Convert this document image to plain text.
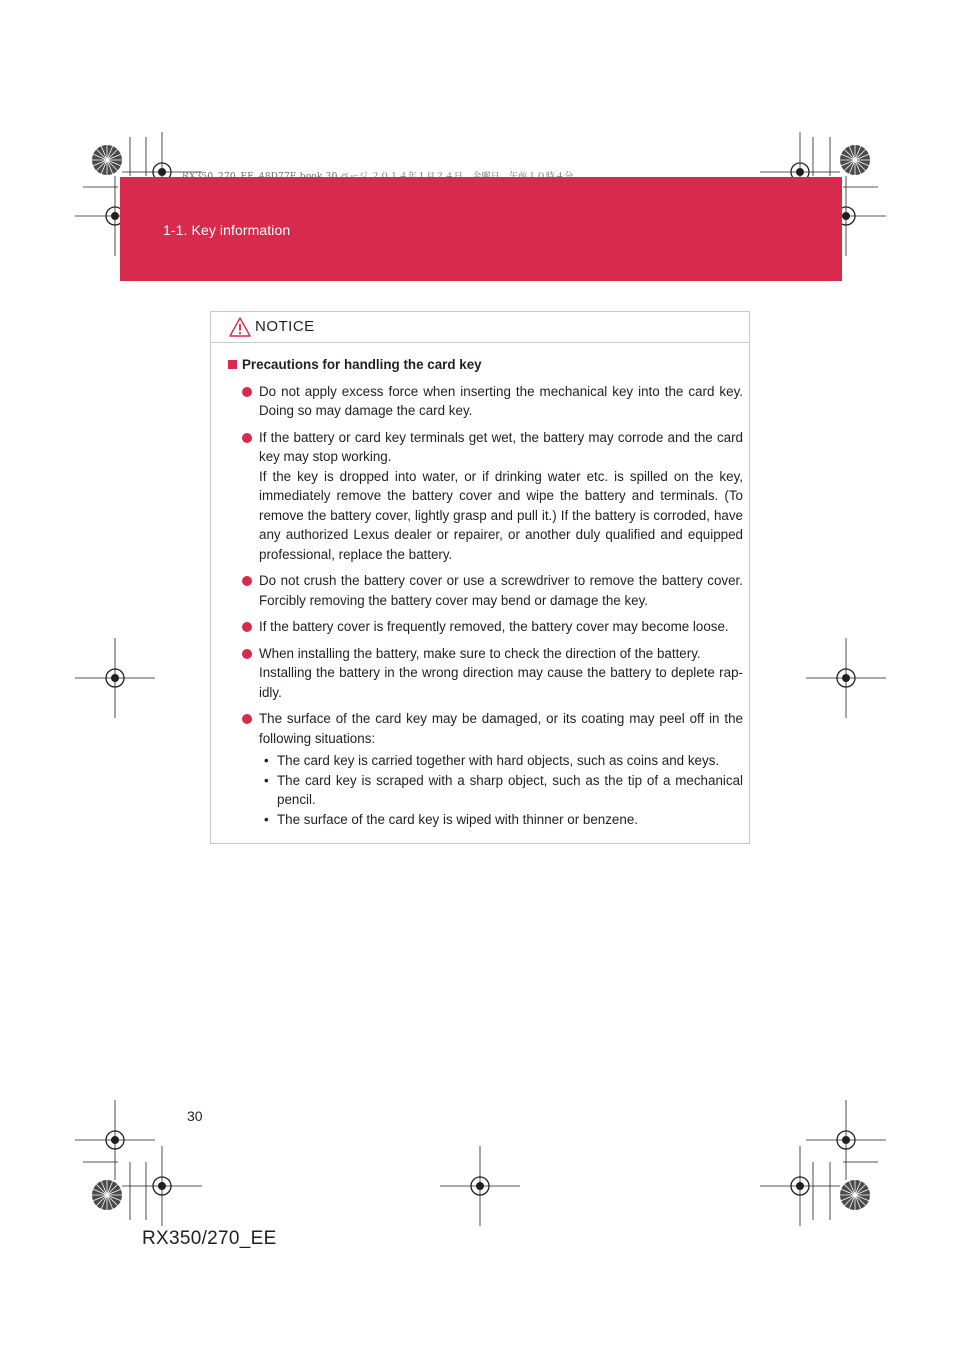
1-1. Key information
NOTICE
Precautions for handling the card key

Do not apply excess force when inserting the mechanical key into the card key. Doing so may damage the card key.

If the battery or card key terminals get wet, the battery may corrode and the card key may stop working.

If the key is dropped into water, or if drinking water etc. is spilled on the key, immediately remove the battery cover and wipe the battery and terminals. (To remove the battery cover, lightly grasp and pull it.) If the battery is corroded, have any authorized Lexus dealer or repairer, or another duly qualified and equipped professional, replace the battery.

Do not crush the battery cover or use a screwdriver to remove the battery cover. Forcibly removing the battery cover may bend or damage the key.

If the battery cover is frequently removed, the battery cover may become loose.

When installing the battery, make sure to check the direction of the battery.

Installing the battery in the wrong direction may cause the battery to deplete rap-idly.

The surface of the card key may be damaged, or its coating may peel off in the following situations:

• The card key is carried together with hard objects, such as coins and keys.
• The card key is scraped with a sharp object, such as the tip of a mechanical pencil.
• The surface of the card key is wiped with thinner or benzene.
30
RX350/270_EE
